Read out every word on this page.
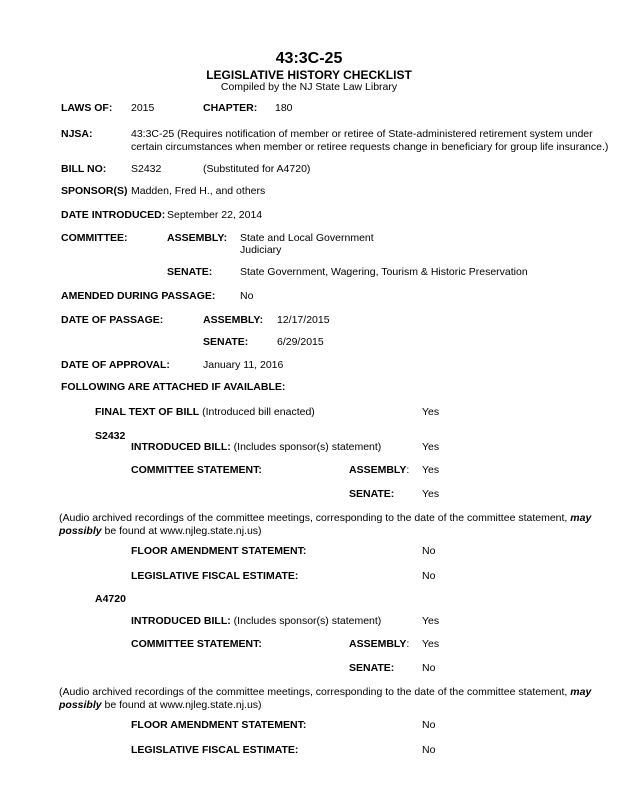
43:3C-25
LEGISLATIVE HISTORY CHECKLIST
Compiled by the NJ State Law Library
LAWS OF: 2015	CHAPTER: 180
NJSA:	43:3C-25 (Requires notification of member or retiree of State-administered retirement system under certain circumstances when member or retiree requests change in beneficiary for group life insurance.)
BILL NO: S2432	(Substituted for A4720)
SPONSOR(S) Madden, Fred H., and others
DATE INTRODUCED: September 22, 2014
COMMITTEE:	ASSEMBLY: State and Local Government
Judiciary
SENATE:	State Government, Wagering, Tourism & Historic Preservation
AMENDED DURING PASSAGE: No
DATE OF PASSAGE:	ASSEMBLY: 12/17/2015
SENATE:	6/29/2015
DATE OF APPROVAL:	January 11, 2016
FOLLOWING ARE ATTACHED IF AVAILABLE:
FINAL TEXT OF BILL (Introduced bill enacted)	Yes
S2432
INTRODUCED BILL: (Includes sponsor(s) statement)	Yes
COMMITTEE STATEMENT:	ASSEMBLY: Yes
SENATE:	Yes
(Audio archived recordings of the committee meetings, corresponding to the date of the committee statement, may possibly be found at www.njleg.state.nj.us)
FLOOR AMENDMENT STATEMENT:	No
LEGISLATIVE FISCAL ESTIMATE:	No
A4720
INTRODUCED BILL: (Includes sponsor(s) statement)	Yes
COMMITTEE STATEMENT:	ASSEMBLY: Yes
SENATE:	No
(Audio archived recordings of the committee meetings, corresponding to the date of the committee statement, may possibly be found at www.njleg.state.nj.us)
FLOOR AMENDMENT STATEMENT:	No
LEGISLATIVE FISCAL ESTIMATE:	No
